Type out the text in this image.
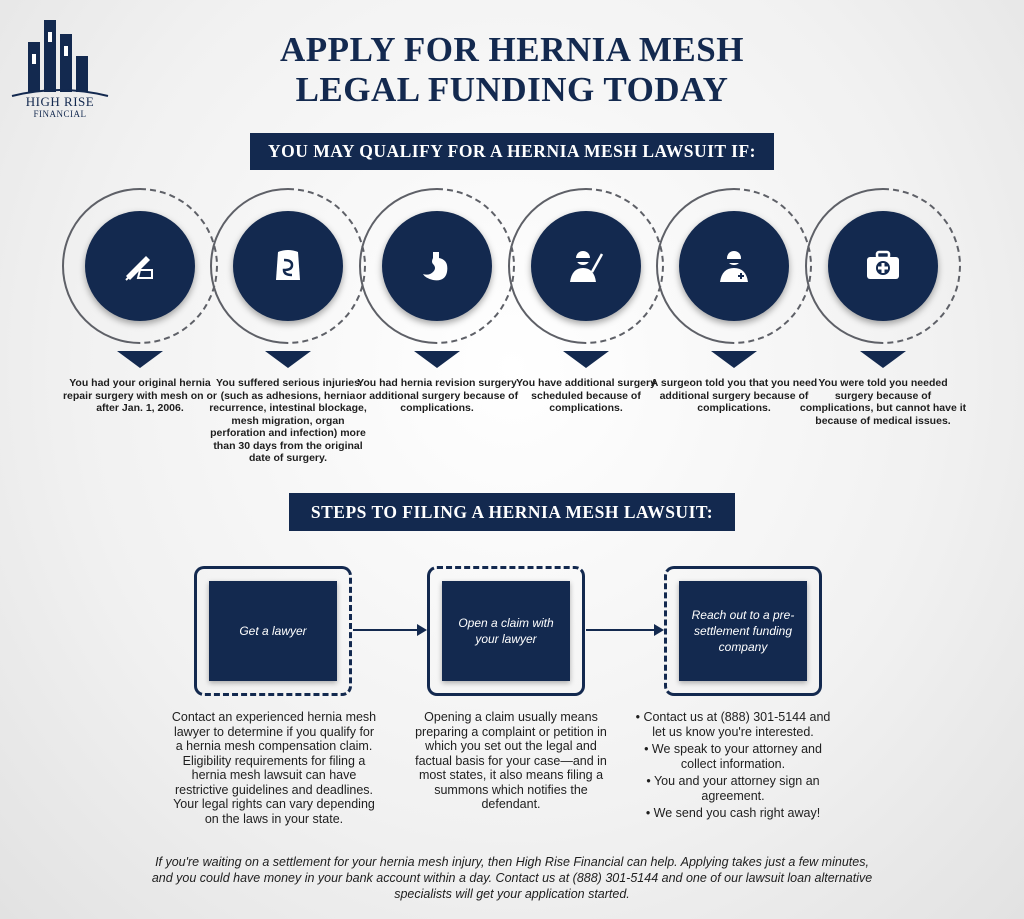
HIGH RISE
FINANCIAL
APPLY FOR HERNIA MESH
LEGAL FUNDING TODAY
YOU MAY QUALIFY FOR A HERNIA MESH LAWSUIT IF:
You had your original hernia repair surgery with mesh on or after Jan. 1, 2006.
You suffered serious injuries (such as adhesions, hernia recurrence, intestinal blockage, mesh migration, organ perforation and infection) more than 30 days from the original date of surgery.
You had hernia revision surgery or additional surgery because of complications.
You have additional surgery scheduled because of complications.
A surgeon told you that you need additional surgery because of complications.
You were told you needed surgery because of complications, but cannot have it because of medical issues.
STEPS TO FILING A HERNIA MESH LAWSUIT:
Get a lawyer
Open a claim with your lawyer
Reach out to a pre-settlement funding company
Contact an experienced hernia mesh lawyer to determine if you qualify for a hernia mesh compensation claim. Eligibility requirements for filing a hernia mesh lawsuit can have restrictive guidelines and deadlines. Your legal rights can vary depending on the laws in your state.
Opening a claim usually means preparing a complaint or petition in which you set out the legal and factual basis for your case—and in most states, it also means filing a summons which notifies the defendant.
• Contact us at (888) 301-5144 and let us know you're interested.
• We speak to your attorney and collect information.
• You and your attorney sign an agreement.
• We send you cash right away!
If you're waiting on a settlement for your hernia mesh injury, then High Rise Financial can help. Applying takes just a few minutes, and you could have money in your bank account within a day. Contact us at (888) 301-5144 and one of our lawsuit loan alternative specialists will get your application started.
